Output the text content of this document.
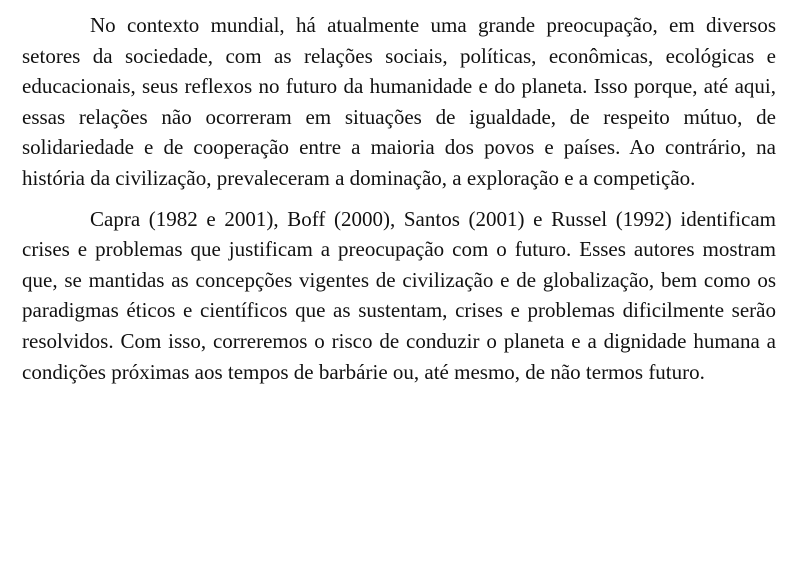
No contexto mundial, há atualmente uma grande preocupação, em diversos setores da sociedade, com as relações sociais, políticas, econômicas, ecológicas e educacionais, seus reflexos no futuro da humanidade e do planeta. Isso porque, até aqui, essas relações não ocorreram em situações de igualdade, de respeito mútuo, de solidariedade e de cooperação entre a maioria dos povos e países. Ao contrário, na história da civilização, prevaleceram a dominação, a exploração e a competição.

Capra (1982 e 2001), Boff (2000), Santos (2001) e Russel (1992) identificam crises e problemas que justificam a preocupação com o futuro. Esses autores mostram que, se mantidas as concepções vigentes de civilização e de globalização, bem como os paradigmas éticos e científicos que as sustentam, crises e problemas dificilmente serão resolvidos. Com isso, correremos o risco de conduzir o planeta e a dignidade humana a condições próximas aos tempos de barbárie ou, até mesmo, de não termos futuro.
